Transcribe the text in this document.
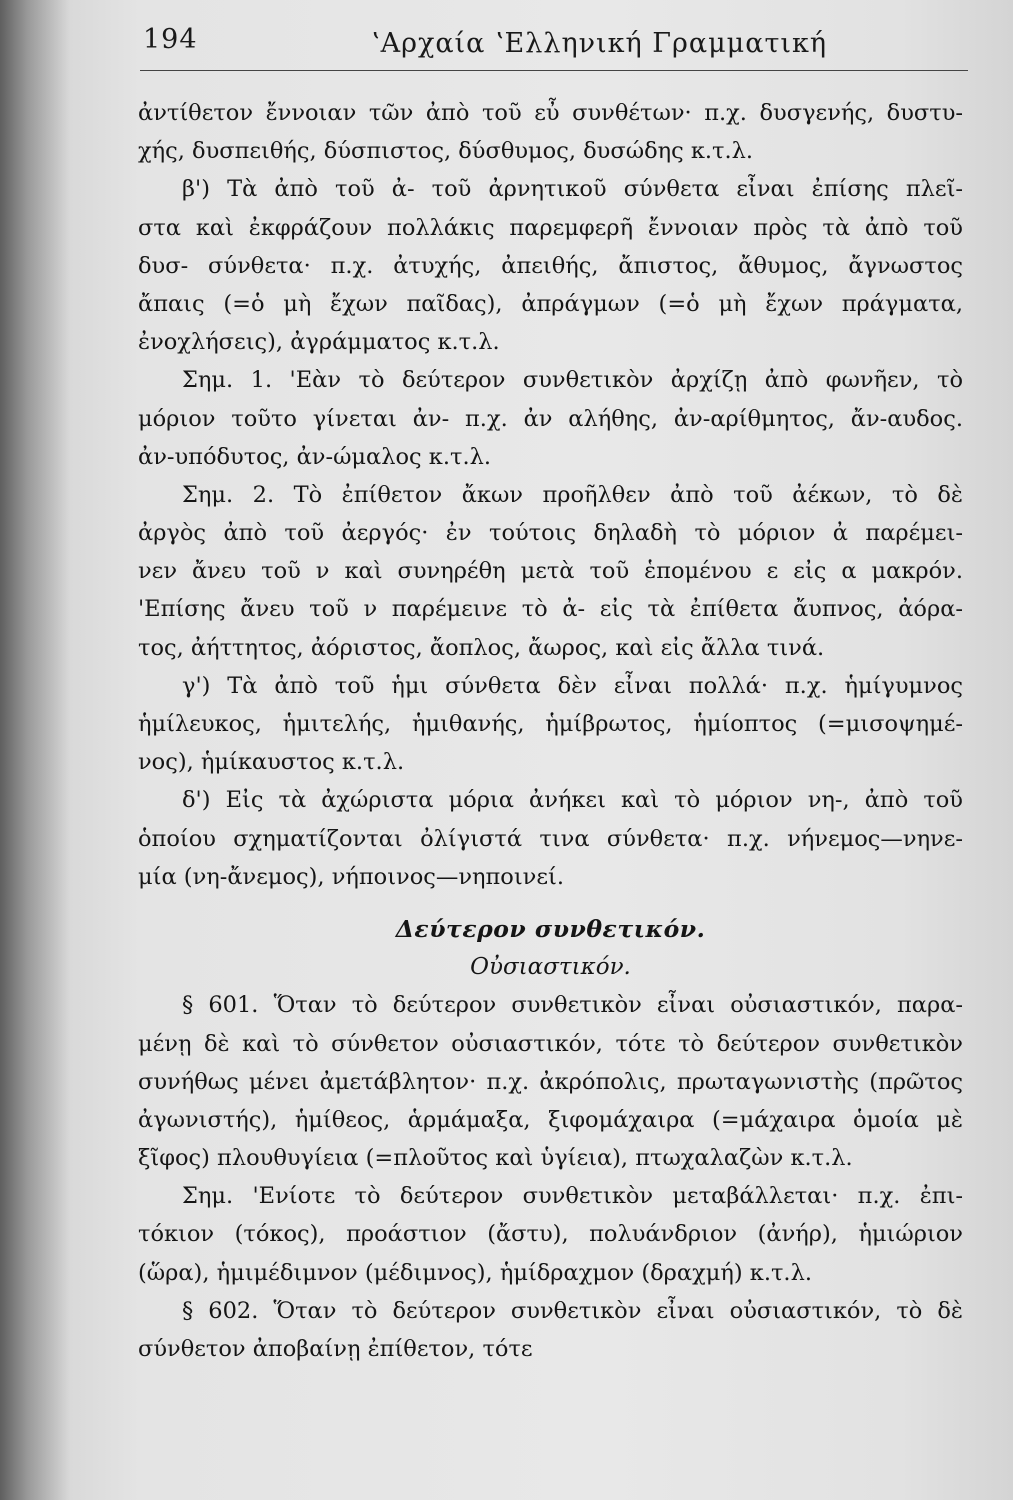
194	ʽΑρχαία ʽΕλληνική Γραμματική
ἀντίθετον ἔννοιαν τῶν ἀπὸ τοῦ εὖ συνθέτων· π.χ. δυσγενής, δυστυ-
χής, δυσπειθής, δύσπιστος, δύσθυμος, δυσώδης κ.τ.λ.
β') Τὰ ἀπὸ τοῦ ἀ- τοῦ ἀρνητικοῦ σύνθετα εἶναι ἐπίσης πλεῖ-
στα καὶ ἐκφράζουν πολλάκις παρεμφερῆ ἔννοιαν πρὸς τὰ ἀπὸ τοῦ
δυσ- σύνθετα· π.χ. ἀτυχής, ἀπειθής, ἄπιστος, ἄθυμος, ἄγνωστος
ἄπαις (=ὁ μὴ ἔχων παῖδας), ἀπράγμων (=ὁ μὴ ἔχων πράγματα,
ἐνοχλήσεις), ἀγράμματος κ.τ.λ.
Σημ. 1. 'Εὰν τὸ δεύτερον συνθετικὸν ἀρχίζῃ ἀπὸ φωνῆεν, τὸ
μόριον τοῦτο γίνεται ἀν- π.χ. ἀν αλήθης, ἀν-αρίθμητος, ἄν-αυδος.
ἀν-υπόδυτος, ἀν-ώμαλος κ.τ.λ.
Σημ. 2. Τὸ ἐπίθετον ἄκων προῆλθεν ἀπὸ τοῦ ἀέκων, τὸ δὲ
ἀργὸς ἀπὸ τοῦ ἀεργός· ἐν τούτοις δηλαδὴ τὸ μόριον ἀ παρέμει-
νεν ἄνευ τοῦ ν καὶ συνηρέθη μετὰ τοῦ ἑπομένου ε εἰς α μακρόν.
'Επίσης ἄνευ τοῦ ν παρέμεινε τὸ ἀ- εἰς τὰ ἐπίθετα ἄυπνος, ἀόρα-
τος, ἀήττητος, ἀόριστος, ἄοπλος, ἄωρος, καὶ εἰς ἄλλα τινά.
γ') Τὰ ἀπὸ τοῦ ἡμι σύνθετα δὲν εἶναι πολλά· π.χ. ἡμίγυμνος
ἡμίλευκος, ἡμιτελής, ἡμιθανής, ἡμίβρωτος, ἡμίοπτος (=μισοψημέ-
νος), ἡμίκαυστος κ.τ.λ.
δ') Εἰς τὰ ἀχώριστα μόρια ἀνήκει καὶ τὸ μόριον νη-, ἀπὸ τοῦ
ὁποίου σχηματίζονται ὀλίγιστά τινα σύνθετα· π.χ. νήνεμος—νηνε-
μία (νη-ἄνεμος), νήποινος—νηποινεί.
Δεύτερον συνθετικόν.
Οὐσιαστικόν.
§ 601. Ὅταν τὸ δεύτερον συνθετικὸν εἶναι οὐσιαστικόν, παρα-
μένῃ δὲ καὶ τὸ σύνθετον οὐσιαστικόν, τότε τὸ δεύτερον συνθετικὸν
συνήθως μένει ἀμετάβλητον· π.χ. ἀκρόπολις, πρωταγωνιστὴς (πρῶτος
ἀγωνιστής), ἡμίθεος, ἁρμάμαξα, ξιφομάχαιρα (=μάχαιρα ὁμοία μὲ
ξῖφος) πλουθυγίεια (=πλοῦτος καὶ ὑγίεια), πτωχαλαζὼν κ.τ.λ.
Σημ. 'Ενίοτε τὸ δεύτερον συνθετικὸν μεταβάλλεται· π.χ. ἐπι-
τόκιον (τόκος), προάστιον (ἄστυ), πολυάνδριον (ἀνήρ), ἡμιώριον
(ὥρα), ἡμιμέδιμνον (μέδιμνος), ἡμίδραχμον (δραχμή) κ.τ.λ.
§ 602. Ὅταν τὸ δεύτερον συνθετικὸν εἶναι οὐσιαστικόν, τὸ δὲ
σύνθετον ἀποβαίνῃ ἐπίθετον, τότε
